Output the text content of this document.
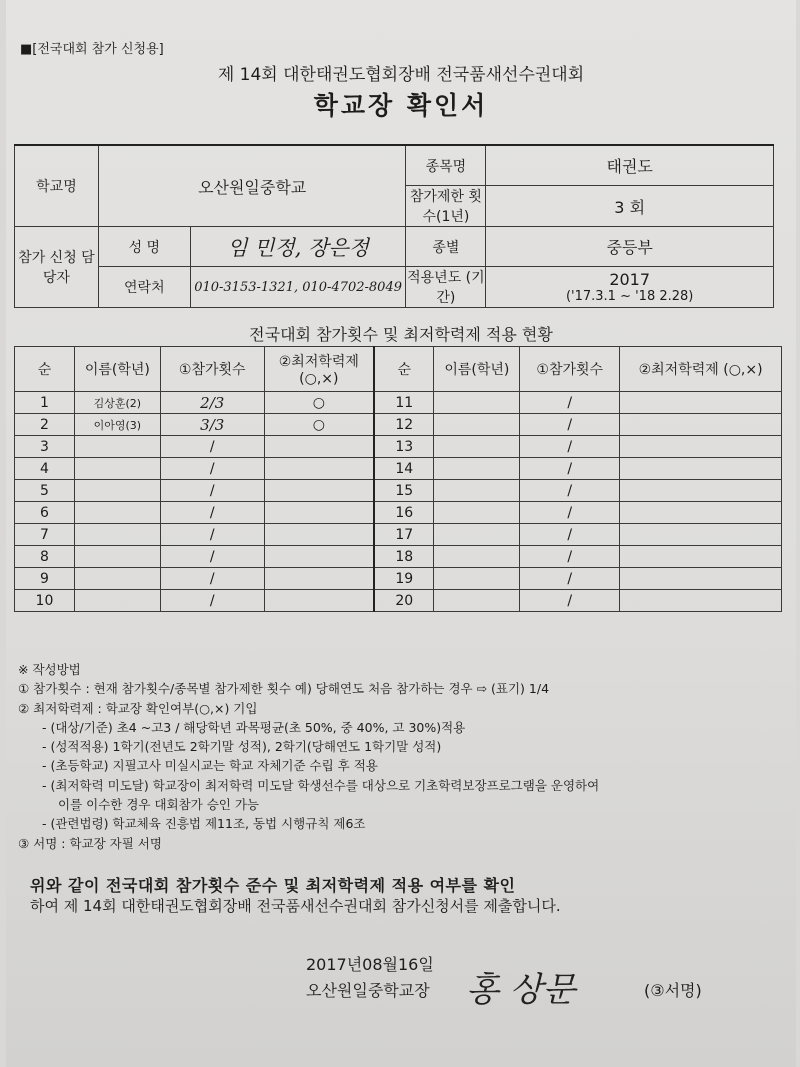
■[전국대회 참가 신청용]
제 14회 대한태권도협회장배 전국품새선수권대회
학교장 확인서
학교명	오산원일중학교		종목명	태권도
			참가제한 횟수(1년)	3 회
참가 신청 담당자	성 명	임 민정, 장은정	종별	중등부
	연락처	010-3153-1321, 010-4702-8049	적용년도 (기간)	2017
('17.3.1 ~ '18 2.28)
전국대회 참가횟수 및 최저학력제 적용 현황
순	이름(학년)	①참가횟수	②최저학력제 (○,×)	순	이름(학년)	①참가횟수	②최저학력제 (○,×)
1	김상훈(2)	2/3	○	11		/	
2	이아영(3)	3/3	○	12		/	
3		/		13		/	
4		/		14		/	
5		/		15		/	
6		/		16		/	
7		/		17		/	
8		/		18		/	
9		/		19		/	
10		/		20		/	
※ 작성방법
① 참가횟수 : 현재 참가횟수/종목별 참가제한 횟수 예) 당해연도 처음 참가하는 경우 ⇨ (표기) 1/4
② 최저학력제 : 학교장 확인여부(○,×) 기입
- (대상/기준) 초4 ~고3 / 해당학년 과목평균(초 50%, 중 40%, 고 30%)적용
- (성적적용) 1학기(전년도 2학기말 성적), 2학기(당해연도 1학기말 성적)
- (초등학교) 지필고사 미실시교는 학교 자체기준 수립 후 적용
- (최저학력 미도달) 학교장이 최저학력 미도달 학생선수를 대상으로 기초학력보장프로그램을 운영하여
이를 이수한 경우 대회참가 승인 가능
- (관련법령) 학교체육 진흥법 제11조, 동법 시행규칙 제6조
③ 서명 : 학교장 자필 서명
위와 같이 전국대회 참가횟수 준수 및 최저학력제 적용 여부를 확인
하여 제 14회 대한태권도협회장배 전국품새선수권대회 참가신청서를 제출합니다.
2017년08월16일
오산원일중학교장 홍 상문	(③서명)
